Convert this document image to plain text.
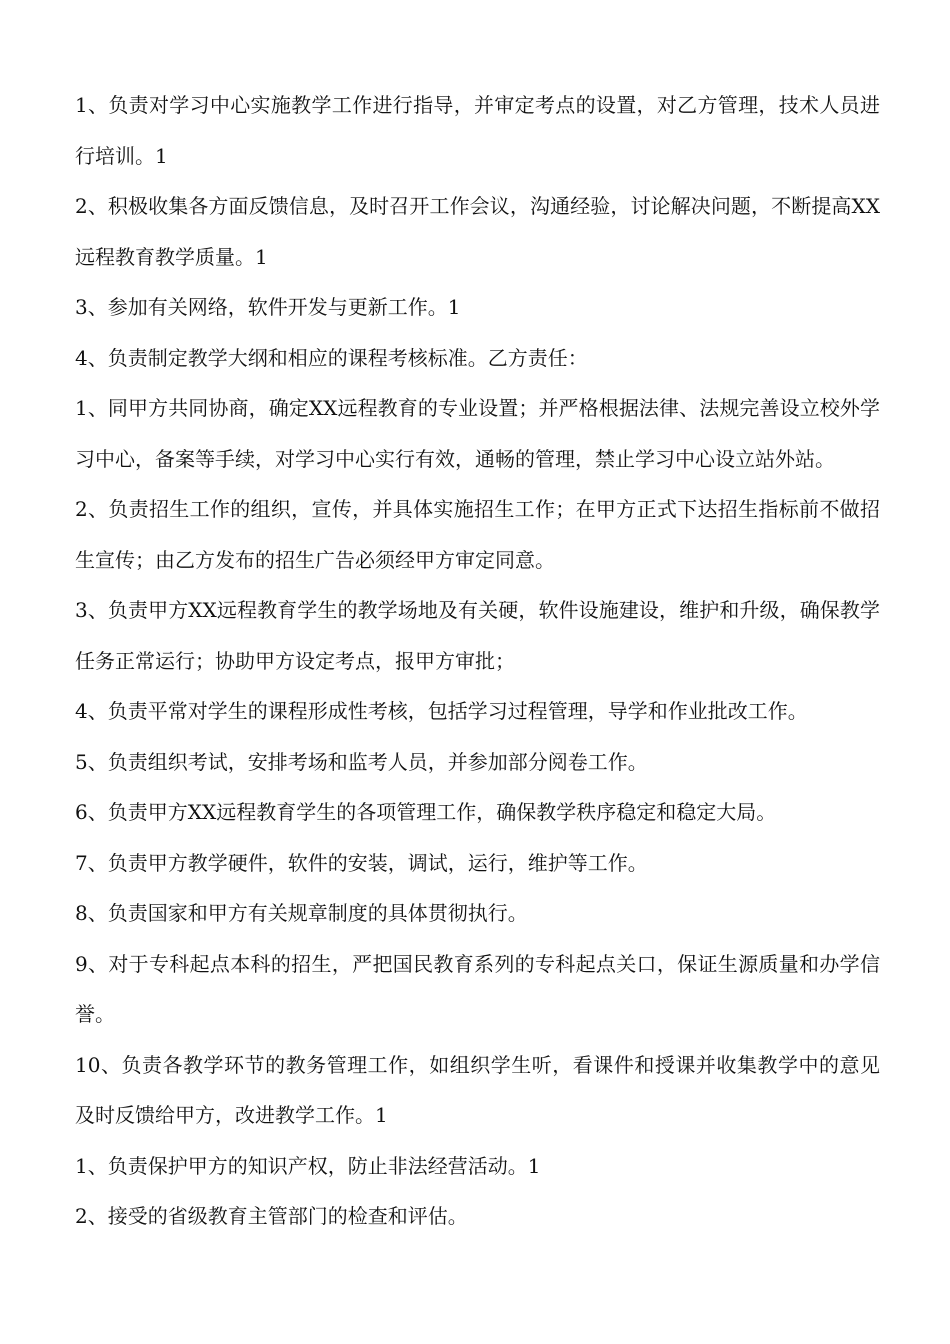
1、负责对学习中心实施教学工作进行指导，并审定考点的设置，对乙方管理，技术人员进行培训。1

2、积极收集各方面反馈信息，及时召开工作会议，沟通经验，讨论解决问题，不断提高XX远程教育教学质量。1

3、参加有关网络，软件开发与更新工作。1

4、负责制定教学大纲和相应的课程考核标准。乙方责任：

1、同甲方共同协商，确定XX远程教育的专业设置；并严格根据法律、法规完善设立校外学习中心，备案等手续，对学习中心实行有效，通畅的管理，禁止学习中心设立站外站。

2、负责招生工作的组织，宣传，并具体实施招生工作；在甲方正式下达招生指标前不做招生宣传；由乙方发布的招生广告必须经甲方审定同意。

3、负责甲方XX远程教育学生的教学场地及有关硬，软件设施建设，维护和升级，确保教学任务正常运行；协助甲方设定考点，报甲方审批；

4、负责平常对学生的课程形成性考核，包括学习过程管理，导学和作业批改工作。

5、负责组织考试，安排考场和监考人员，并参加部分阅卷工作。

6、负责甲方XX远程教育学生的各项管理工作，确保教学秩序稳定和稳定大局。

7、负责甲方教学硬件，软件的安装，调试，运行，维护等工作。

8、负责国家和甲方有关规章制度的具体贯彻执行。

9、对于专科起点本科的招生，严把国民教育系列的专科起点关口，保证生源质量和办学信誉。

10、负责各教学环节的教务管理工作，如组织学生听，看课件和授课并收集教学中的意见及时反馈给甲方，改进教学工作。1

1、负责保护甲方的知识产权，防止非法经营活动。1

2、接受的省级教育主管部门的检查和评估。
